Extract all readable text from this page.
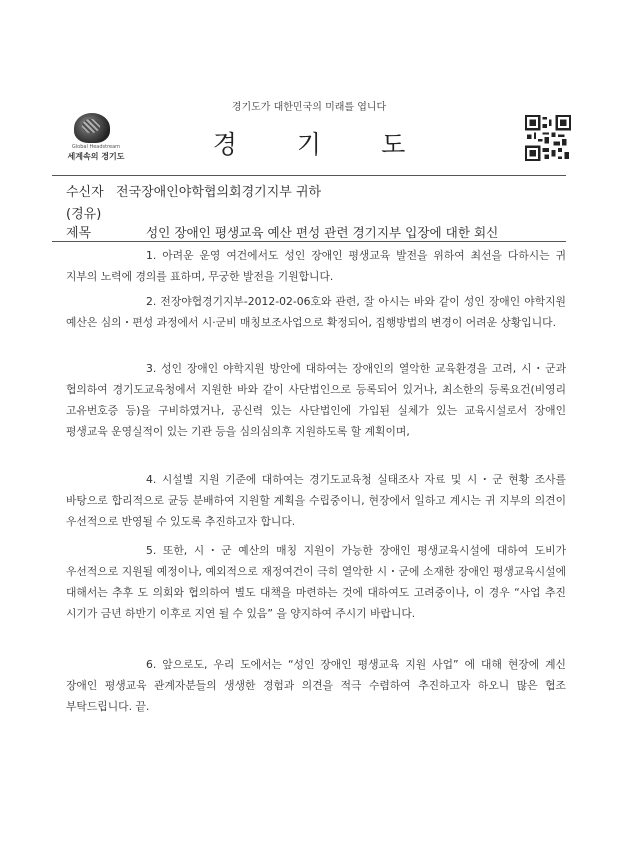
경기도가 대한민국의 미래를 엽니다
Global Headstream
세계속의 경기도	경기도
수신자 전국장애인야학협의회경기지부 귀하
(경유)
제목	성인 장애인 평생교육 예산 편성 관련 경기지부 입장에 대한 회신
1. 아려운 운영 여건에서도 성인 장애인 평생교육 발전을 위하여 최선을 다하시는 귀 지부의 노력에 경의를 표하며, 무궁한 발전을 기원합니다.
2. 전장야협경기지부-2012-02-06호와 관련, 잘 아시는 바와 같이 성인 장애인 야학지원 예산은 심의・편성 과정에서 시·군비 매칭보조사업으로 확정되어, 집행방법의 변경이 어려운 상황입니다.
3. 성인 장애인 야학지원 방안에 대하여는 장애인의 열악한 교육환경을 고려, 시・군과 협의하여 경기도교육청에서 지원한 바와 같이 사단법인으로 등록되어 있거나, 최소한의 등록요건(비영리 고유번호증 등)을 구비하였거나, 공신력 있는 사단법인에 가입된 실체가 있는 교육시설로서 장애인 평생교육 운영실적이 있는 기관 등을 심의심의후 지원하도록 할 계획이며,
4. 시설별 지원 기준에 대하여는 경기도교육청 실태조사 자료 및 시・군 현황 조사를 바탕으로 합리적으로 균등 분배하여 지원할 계획을 수립중이니, 현장에서 일하고 계시는 귀 지부의 의견이 우선적으로 반영될 수 있도록 추진하고자 합니다.
5. 또한, 시・군 예산의 매칭 지원이 가능한 장애인 평생교육시설에 대하여 도비가 우선적으로 지원될 예정이나, 예외적으로 재정여건이 극히 열악한 시・군에 소재한 장애인 평생교육시설에 대해서는 추후 도 의회와 협의하여 별도 대책을 마련하는 것에 대하여도 고려중이나, 이 경우 “사업 추진 시기가 금년 하반기 이후로 지연 될 수 있음” 을 양지하여 주시기 바랍니다.
6. 앞으로도, 우리 도에서는 “성인 장애인 평생교육 지원 사업” 에 대해 현장에 계신 장애인 평생교육 관계자분들의 생생한 경험과 의견을 적극 수렴하여 추진하고자 하오니 많은 협조 부탁드립니다. 끝.
